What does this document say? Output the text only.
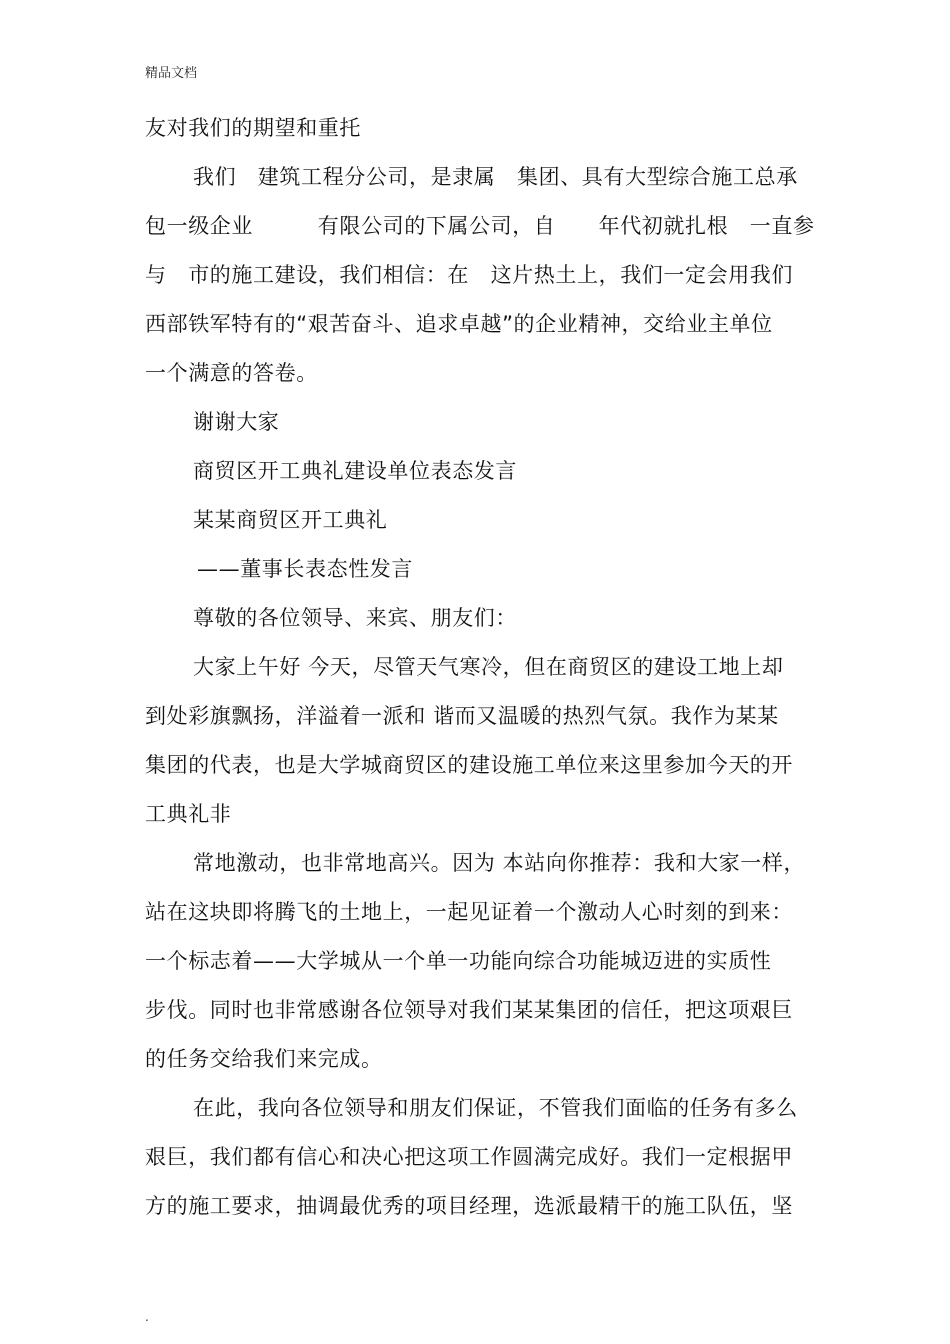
精品文档
友对我们的期望和重托
我们　建筑工程分公司，是隶属　集团、具有大型综合施工总承
包一级企业　　　有限公司的下属公司，自　　年代初就扎根　一直参
与　市的施工建设，我们相信：在　这片热土上，我们一定会用我们
西部铁军特有的“艰苦奋斗、追求卓越”的企业精神，交给业主单位
一个满意的答卷。
谢谢大家
商贸区开工典礼建设单位表态发言
某某商贸区开工典礼
——董事长表态性发言
尊敬的各位领导、来宾、朋友们：
大家上午好 今天，尽管天气寒冷，但在商贸区的建设工地上却
到处彩旗飘扬，洋溢着一派和 谐而又温暖的热烈气氛。我作为某某
集团的代表，也是大学城商贸区的建设施工单位来这里参加今天的开
工典礼非
常地激动，也非常地高兴。因为 本站向你推荐：我和大家一样，
站在这块即将腾飞的土地上，一起见证着一个激动人心时刻的到来：
一个标志着——大学城从一个单一功能向综合功能城迈进的实质性
步伐。同时也非常感谢各位领导对我们某某集团的信任，把这项艰巨
的任务交给我们来完成。
在此，我向各位领导和朋友们保证，不管我们面临的任务有多么
艰巨，我们都有信心和决心把这项工作圆满完成好。我们一定根据甲
方的施工要求，抽调最优秀的项目经理，选派最精干的施工队伍，坚
.
